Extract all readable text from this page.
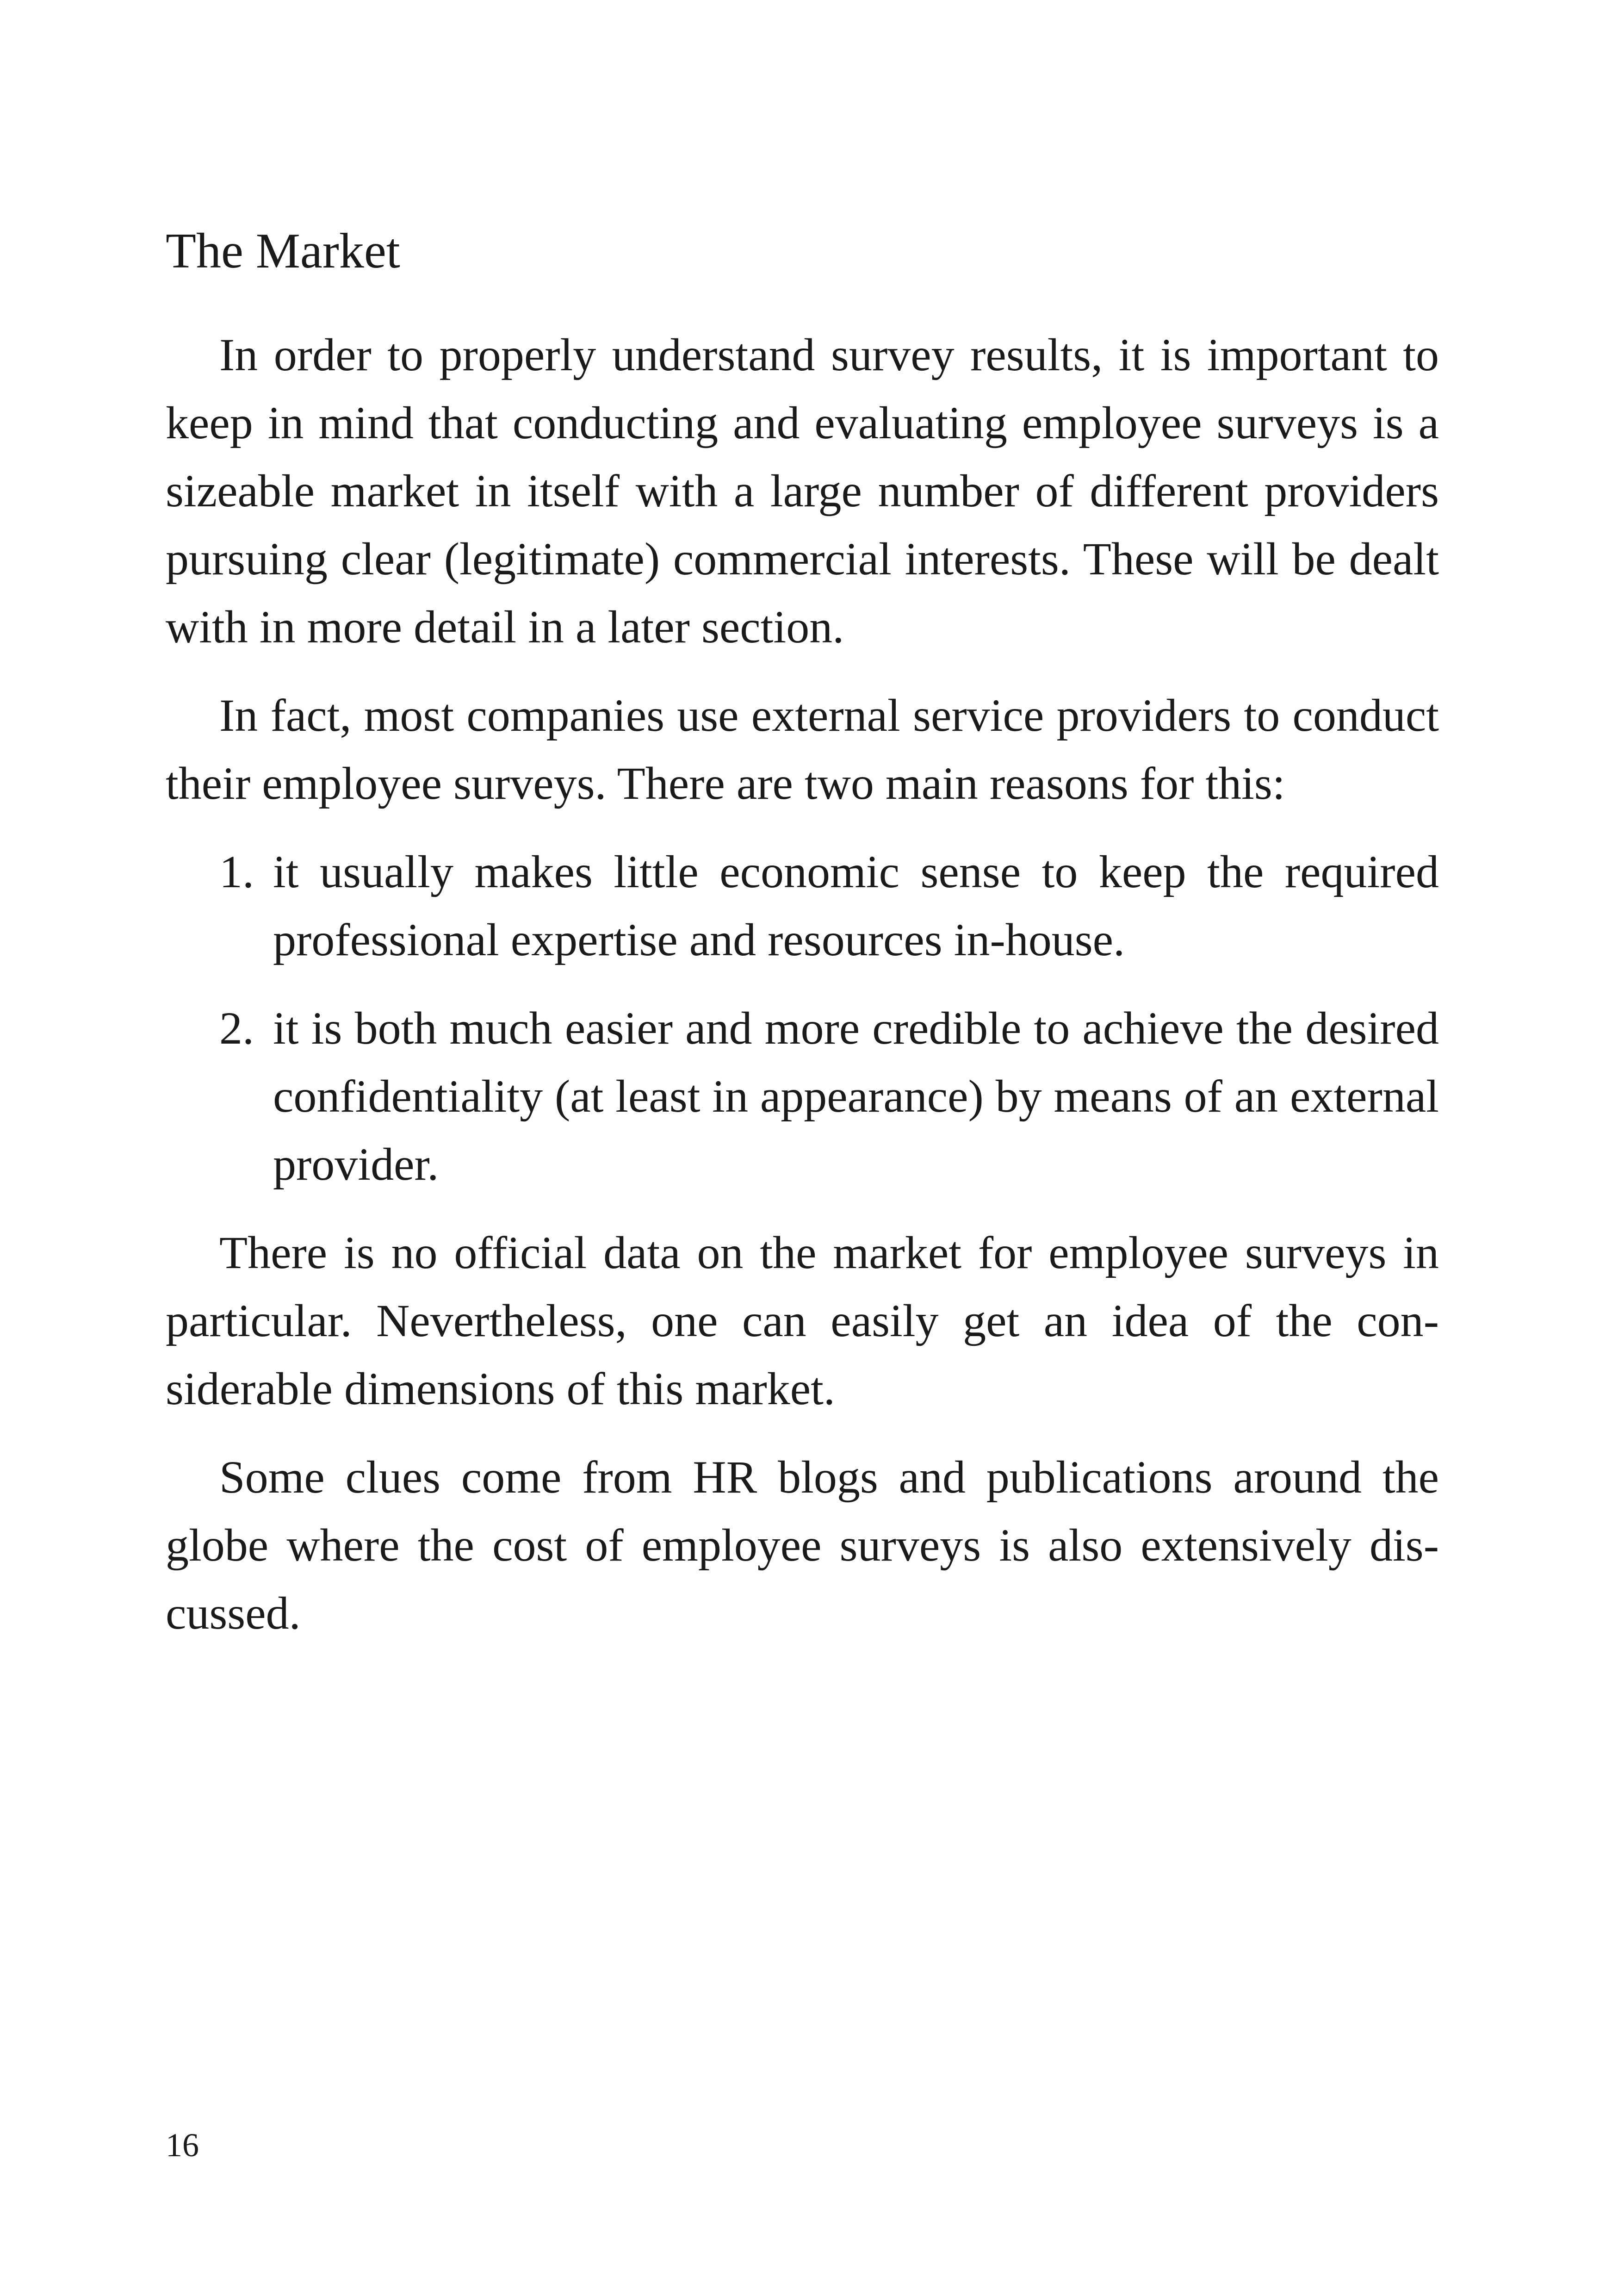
The Market

In order to properly understand survey results, it is important to keep in mind that conducting and evaluating employee surveys is a sizeable market in itself with a large number of different providers pursuing clear (legitimate) commercial interests. These will be dealt with in more detail in a later section.

In fact, most companies use external service providers to conduct their employee surveys. There are two main reasons for this:

1. it usually makes little economic sense to keep the required professional expertise and resources in-house.
2. it is both much easier and more credible to achieve the desired confidentiality (at least in appearance) by means of an external provider.

There is no official data on the market for employee surveys in particular. Nevertheless, one can easily get an idea of the considerable dimensions of this market.

Some clues come from HR blogs and publications around the globe where the cost of employee surveys is also extensively discussed.

16
